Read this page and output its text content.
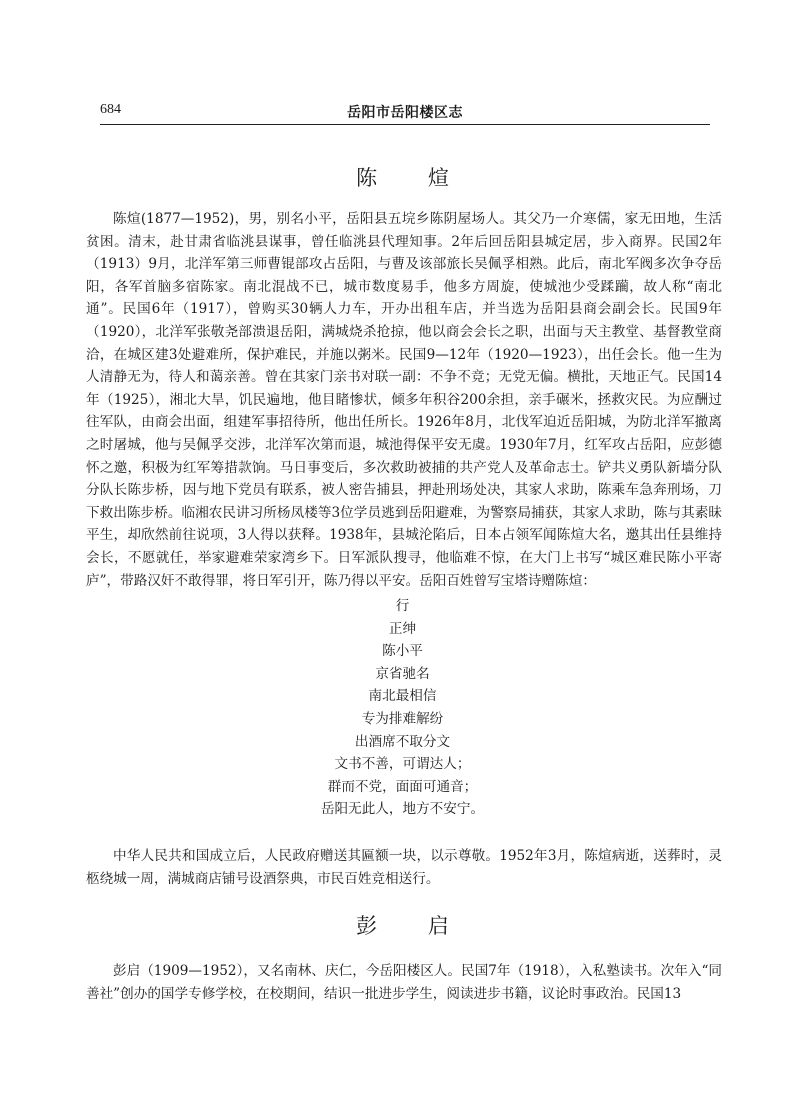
684	岳阳市岳阳楼区志
陈 煊

陈煊(1877—1952)，男，别名小平，岳阳县五垸乡陈阴屋场人。其父乃一介寒儒，家无田地，生活贫困。清末，赴甘肃省临洮县谋事，曾任临洮县代理知事。2年后回岳阳县城定居，步入商界。民国2年（1913）9月，北洋军第三师曹锟部攻占岳阳，与曹及该部旅长吴佩孚相熟。此后，南北军阀多次争夺岳阳，各军首脑多宿陈家。南北混战不已，城市数度易手，他多方周旋，使城池少受蹂躏，故人称“南北通”。民国6年（1917），曾购买30辆人力车，开办出租车店，并当选为岳阳县商会副会长。民国9年（1920），北洋军张敬尧部溃退岳阳，满城烧杀抢掠，他以商会会长之职，出面与天主教堂、基督教堂商洽，在城区建3处避难所，保护难民，并施以粥米。民国9—12年（1920—1923），出任会长。他一生为人清静无为，待人和蔼亲善。曾在其家门亲书对联一副：不争不竞；无党无偏。横批，天地正气。民国14年（1925），湘北大旱，饥民遍地，他目睹惨状，倾多年积谷200余担，亲手碾米，拯救灾民。为应酬过往军队，由商会出面，组建军事招待所，他出任所长。1926年8月，北伐军迫近岳阳城，为防北洋军撤离之时屠城，他与吴佩孚交涉，北洋军次第而退，城池得保平安无虞。1930年7月，红军攻占岳阳，应彭德怀之邀，积极为红军筹措款饷。马日事变后，多次救助被捕的共产党人及革命志士。铲共义勇队新墙分队分队长陈步桥，因与地下党员有联系，被人密告捕县，押赴刑场处决，其家人求助，陈乘车急奔刑场，刀下救出陈步桥。临湘农民讲习所杨凤楼等3位学员逃到岳阳避难，为警察局捕获，其家人求助，陈与其素昧平生，却欣然前往说项，3人得以获释。1938年，县城沦陷后，日本占领军闻陈煊大名，邀其出任县维持会长，不愿就任，举家避难荣家湾乡下。日军派队搜寻，他临难不惊，在大门上书写“城区难民陈小平寄庐”，带路汉奸不敢得罪，将日军引开，陈乃得以平安。岳阳百姓曾写宝塔诗赠陈煊：

行
正绅
陈小平
京省驰名
南北最相信
专为排难解纷
出酒席不取分文
文书不善，可谓达人；
群而不党，面面可通音；
岳阳无此人，地方不安宁。

中华人民共和国成立后，人民政府赠送其匾额一块，以示尊敬。1952年3月，陈煊病逝，送葬时，灵柩绕城一周，满城商店铺号设酒祭典，市民百姓竞相送行。

彭 启

彭启（1909—1952），又名南林、庆仁，今岳阳楼区人。民国7年（1918），入私塾读书。次年入“同善社”创办的国学专修学校，在校期间，结识一批进步学生，阅读进步书籍，议论时事政治。民国13
